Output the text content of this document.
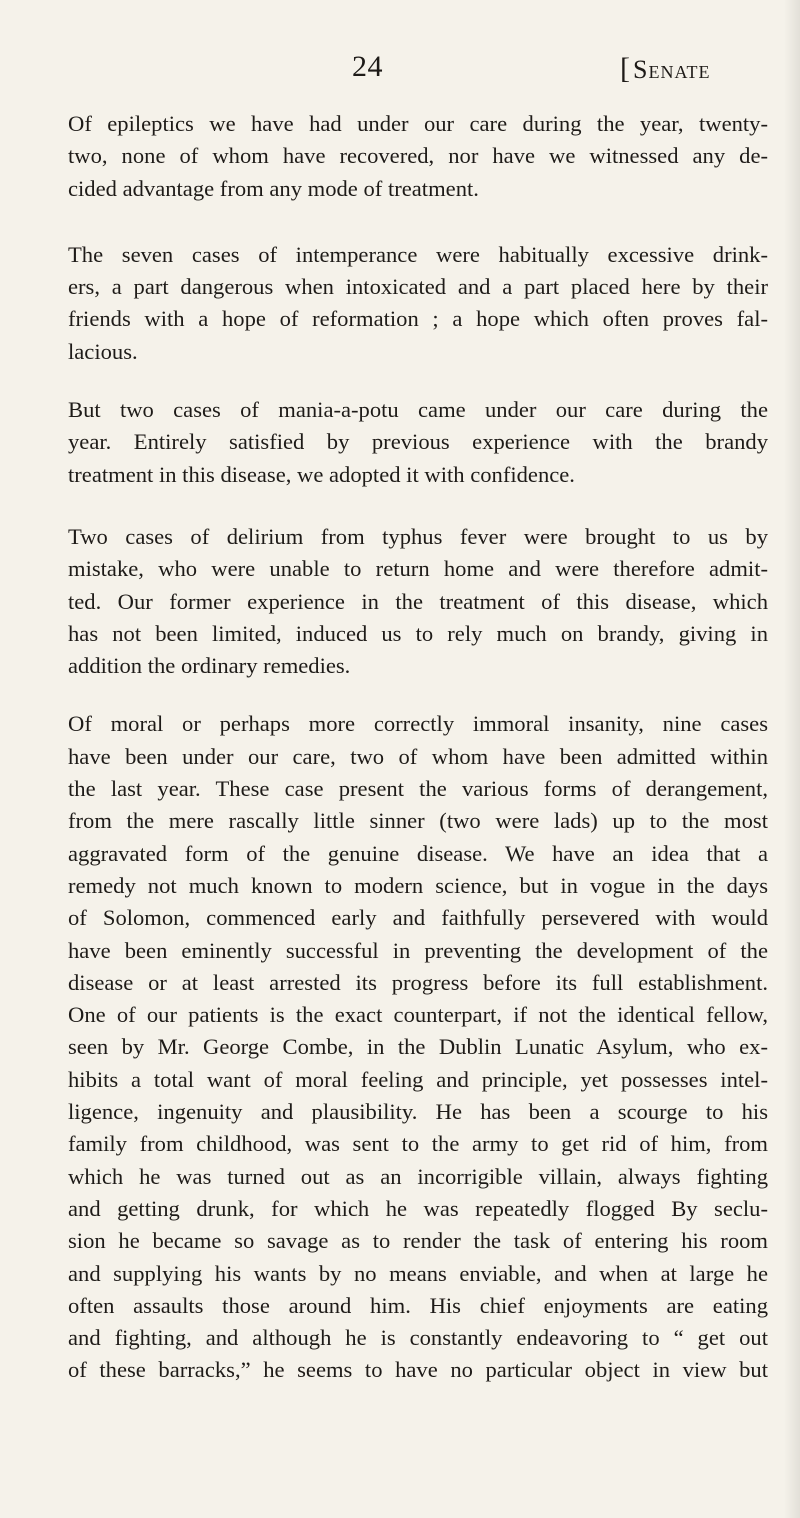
24	[Senate

Of epileptics we have had under our care during the year, twenty-
two, none of whom have recovered, nor have we witnessed any de-
cided advantage from any mode of treatment.

The seven cases of intemperance were habitually excessive drink-
ers, a part dangerous when intoxicated and a part placed here by their
friends with a hope of reformation ; a hope which often proves fal-
lacious.

But two cases of mania-a-potu came under our care during the
year. Entirely satisfied by previous experience with the brandy
treatment in this disease, we adopted it with confidence.

Two cases of delirium from typhus fever were brought to us by
mistake, who were unable to return home and were therefore admit-
ted. Our former experience in the treatment of this disease, which
has not been limited, induced us to rely much on brandy, giving in
addition the ordinary remedies.

Of moral or perhaps more correctly immoral insanity, nine cases
have been under our care, two of whom have been admitted within
the last year. These case present the various forms of derangement,
from the mere rascally little sinner (two were lads) up to the most
aggravated form of the genuine disease. We have an idea that a
remedy not much known to modern science, but in vogue in the days
of Solomon, commenced early and faithfully persevered with would
have been eminently successful in preventing the development of the
disease or at least arrested its progress before its full establishment.
One of our patients is the exact counterpart, if not the identical fellow,
seen by Mr. George Combe, in the Dublin Lunatic Asylum, who ex-
hibits a total want of moral feeling and principle, yet possesses intel-
ligence, ingenuity and plausibility. He has been a scourge to his
family from childhood, was sent to the army to get rid of him, from
which he was turned out as an incorrigible villain, always fighting
and getting drunk, for which he was repeatedly flogged By seclu-
sion he became so savage as to render the task of entering his room
and supplying his wants by no means enviable, and when at large he
often assaults those around him. His chief enjoyments are eating
and fighting, and although he is constantly endeavoring to “ get out
of these barracks,” he seems to have no particular object in view but
